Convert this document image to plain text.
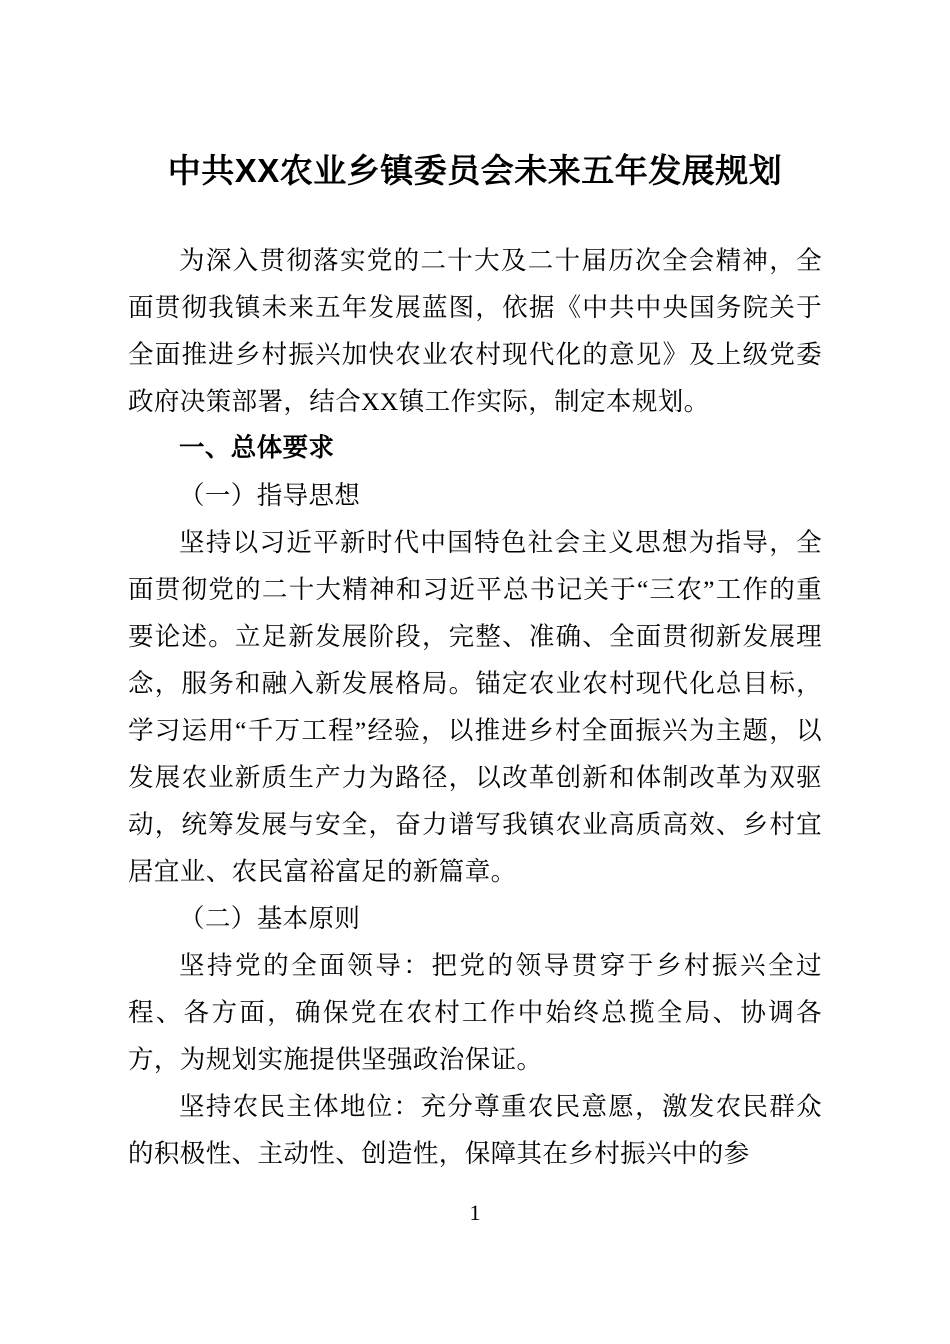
中共XX农业乡镇委员会未来五年发展规划

为深入贯彻落实党的二十大及二十届历次全会精神，全面贯彻我镇未来五年发展蓝图，依据《中共中央国务院关于全面推进乡村振兴加快农业农村现代化的意见》及上级党委政府决策部署，结合XX镇工作实际，制定本规划。

一、总体要求

（一）指导思想

坚持以习近平新时代中国特色社会主义思想为指导，全面贯彻党的二十大精神和习近平总书记关于“三农”工作的重要论述。立足新发展阶段，完整、准确、全面贯彻新发展理念，服务和融入新发展格局。锚定农业农村现代化总目标，学习运用“千万工程”经验，以推进乡村全面振兴为主题，以发展农业新质生产力为路径，以改革创新和体制改革为双驱动，统筹发展与安全，奋力谱写我镇农业高质高效、乡村宜居宜业、农民富裕富足的新篇章。

（二）基本原则

坚持党的全面领导：把党的领导贯穿于乡村振兴全过程、各方面，确保党在农村工作中始终总揽全局、协调各方，为规划实施提供坚强政治保证。

坚持农民主体地位：充分尊重农民意愿，激发农民群众的积极性、主动性、创造性，保障其在乡村振兴中的参

1
